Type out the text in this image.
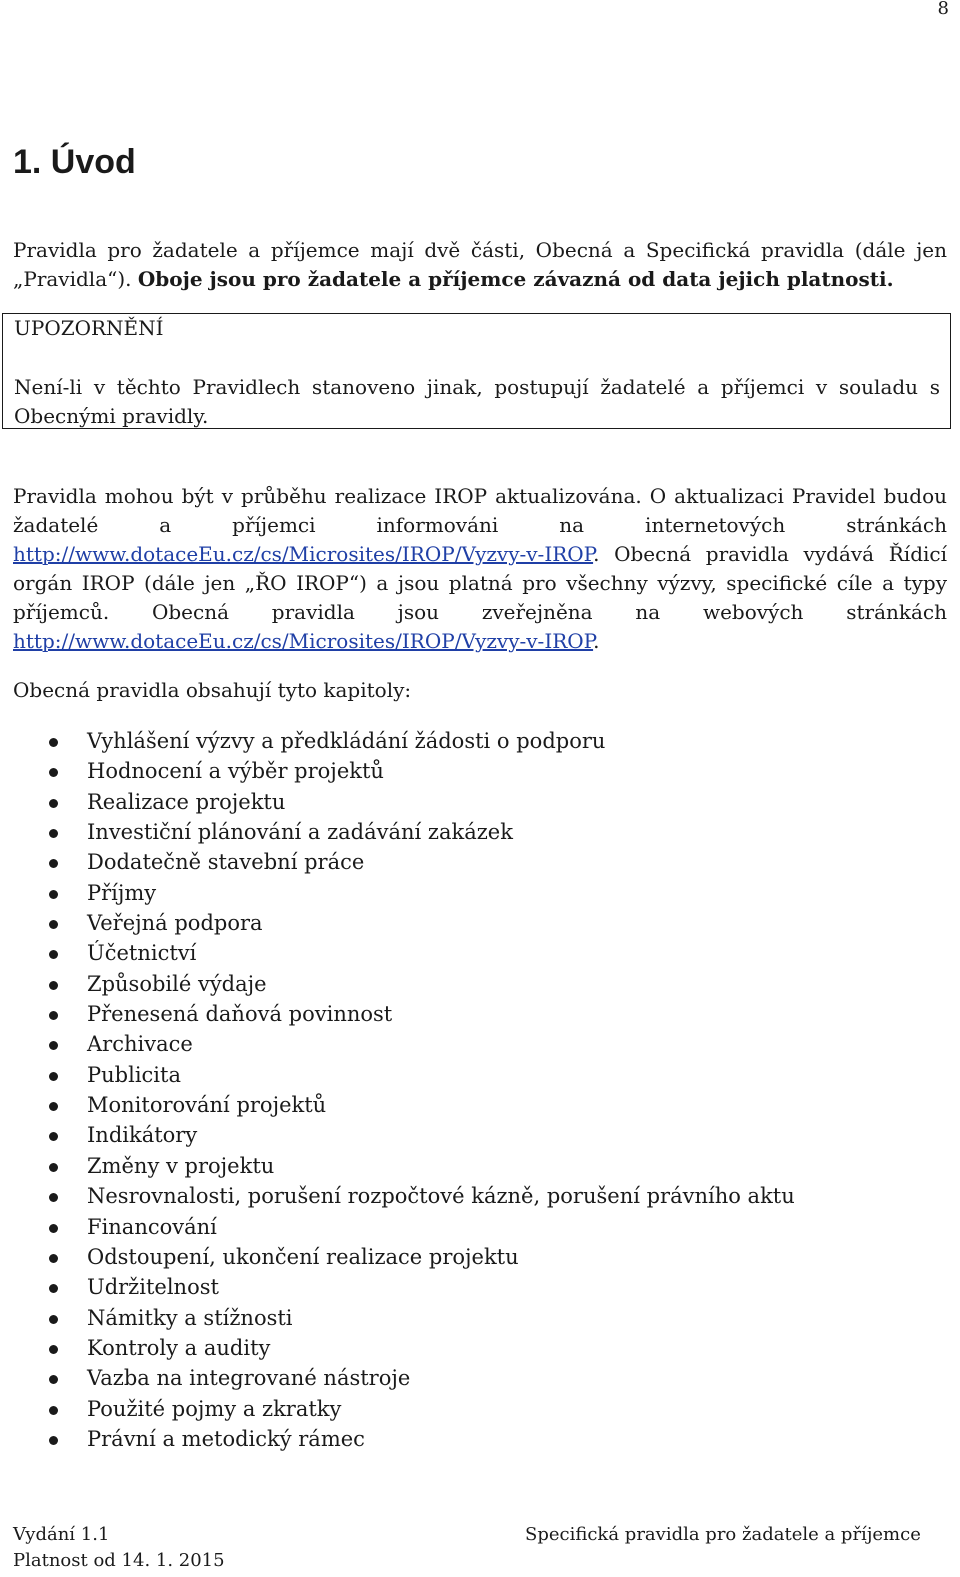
8
1. Úvod

Pravidla pro žadatele a příjemce mají dvě části, Obecná a Specifická pravidla (dále jen „Pravidla“). Oboje jsou pro žadatele a příjemce závazná od data jejich platnosti.

UPOZORNĚNÍ
Není-li v těchto Pravidlech stanoveno jinak, postupují žadatelé a příjemci v souladu s Obecnými pravidly.

Pravidla mohou být v průběhu realizace IROP aktualizována. O aktualizaci Pravidel budou žadatelé a příjemci informováni na internetových stránkách http://www.dotaceEu.cz/cs/Microsites/IROP/Vyzvy-v-IROP. Obecná pravidla vydává Řídicí orgán IROP (dále jen „ŘO IROP“) a jsou platná pro všechny výzvy, specifické cíle a typy příjemců. Obecná pravidla jsou zveřejněna na webových stránkách http://www.dotaceEu.cz/cs/Microsites/IROP/Vyzvy-v-IROP.

Obecná pravidla obsahují tyto kapitoly:

Vyhlášení výzvy a předkládání žádosti o podporu
Hodnocení a výběr projektů
Realizace projektu
Investiční plánování a zadávání zakázek
Dodatečně stavební práce
Příjmy
Veřejná podpora
Účetnictví
Způsobilé výdaje
Přenesená daňová povinnost
Archivace
Publicita
Monitorování projektů
Indikátory
Změny v projektu
Nesrovnalosti, porušení rozpočtové kázně, porušení právního aktu
Financování
Odstoupení, ukončení realizace projektu
Udržitelnost
Námitky a stížnosti
Kontroly a audity
Vazba na integrované nástroje
Použité pojmy a zkratky
Právní a metodický rámec
Vydání 1.1
Platnost od 14. 1. 2015
Specifická pravidla pro žadatele a příjemce
